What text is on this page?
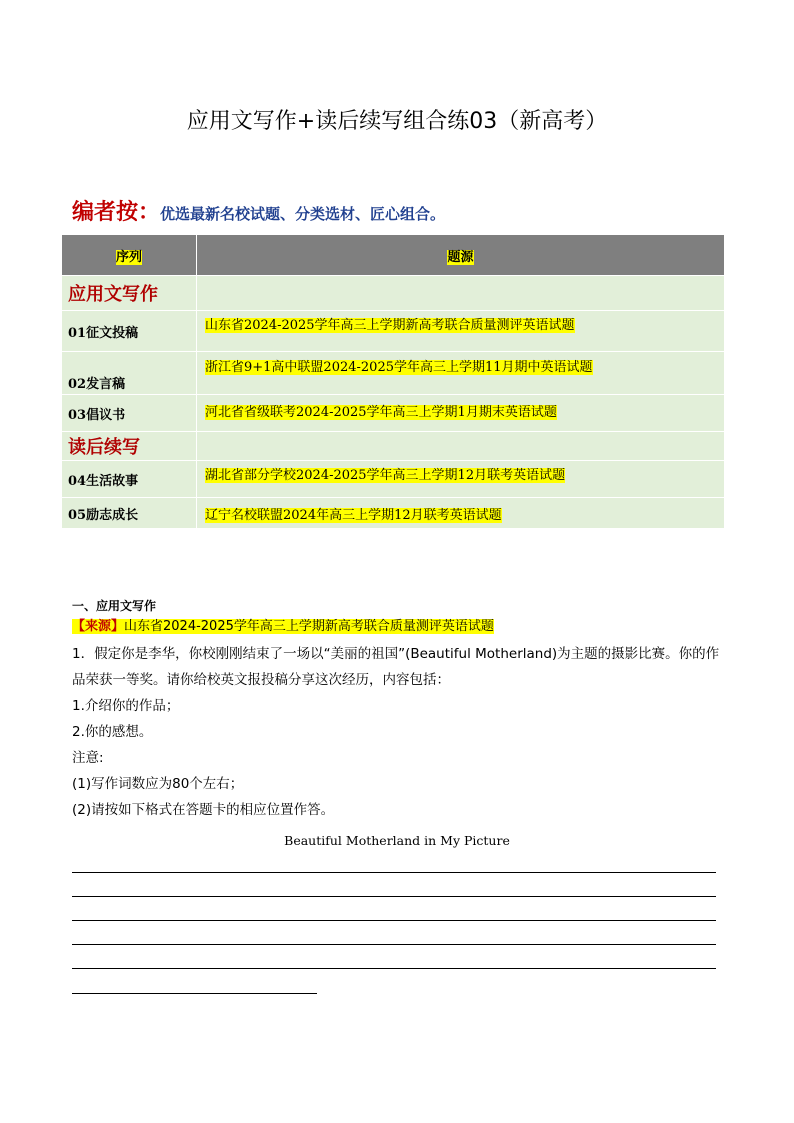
应用文写作+读后续写组合练03（新高考）
编者按：优选最新名校试题、分类选材、匠心组合。
序列	题源
应用文写作	
01征文投稿	山东省2024-2025学年高三上学期新高考联合质量测评英语试题
02发言稿	浙江省9+1高中联盟2024-2025学年高三上学期11月期中英语试题
03倡议书	河北省省级联考2024-2025学年高三上学期1月期末英语试题
读后续写	
04生活故事	湖北省部分学校2024-2025学年高三上学期12月联考英语试题
05励志成长	辽宁名校联盟2024年高三上学期12月联考英语试题
一、应用文写作
【来源】山东省2024-2025学年高三上学期新高考联合质量测评英语试题

1．假定你是李华，你校刚刚结束了一场以“美丽的祖国”(Beautiful Motherland)为主题的摄影比赛。你的作品荣获一等奖。请你给校英文报投稿分享这次经历，内容包括：

1.介绍你的作品；

2.你的感想。

注意:

(1)写作词数应为80个左右；

(2)请按如下格式在答题卡的相应位置作答。

Beautiful Motherland in My Picture
